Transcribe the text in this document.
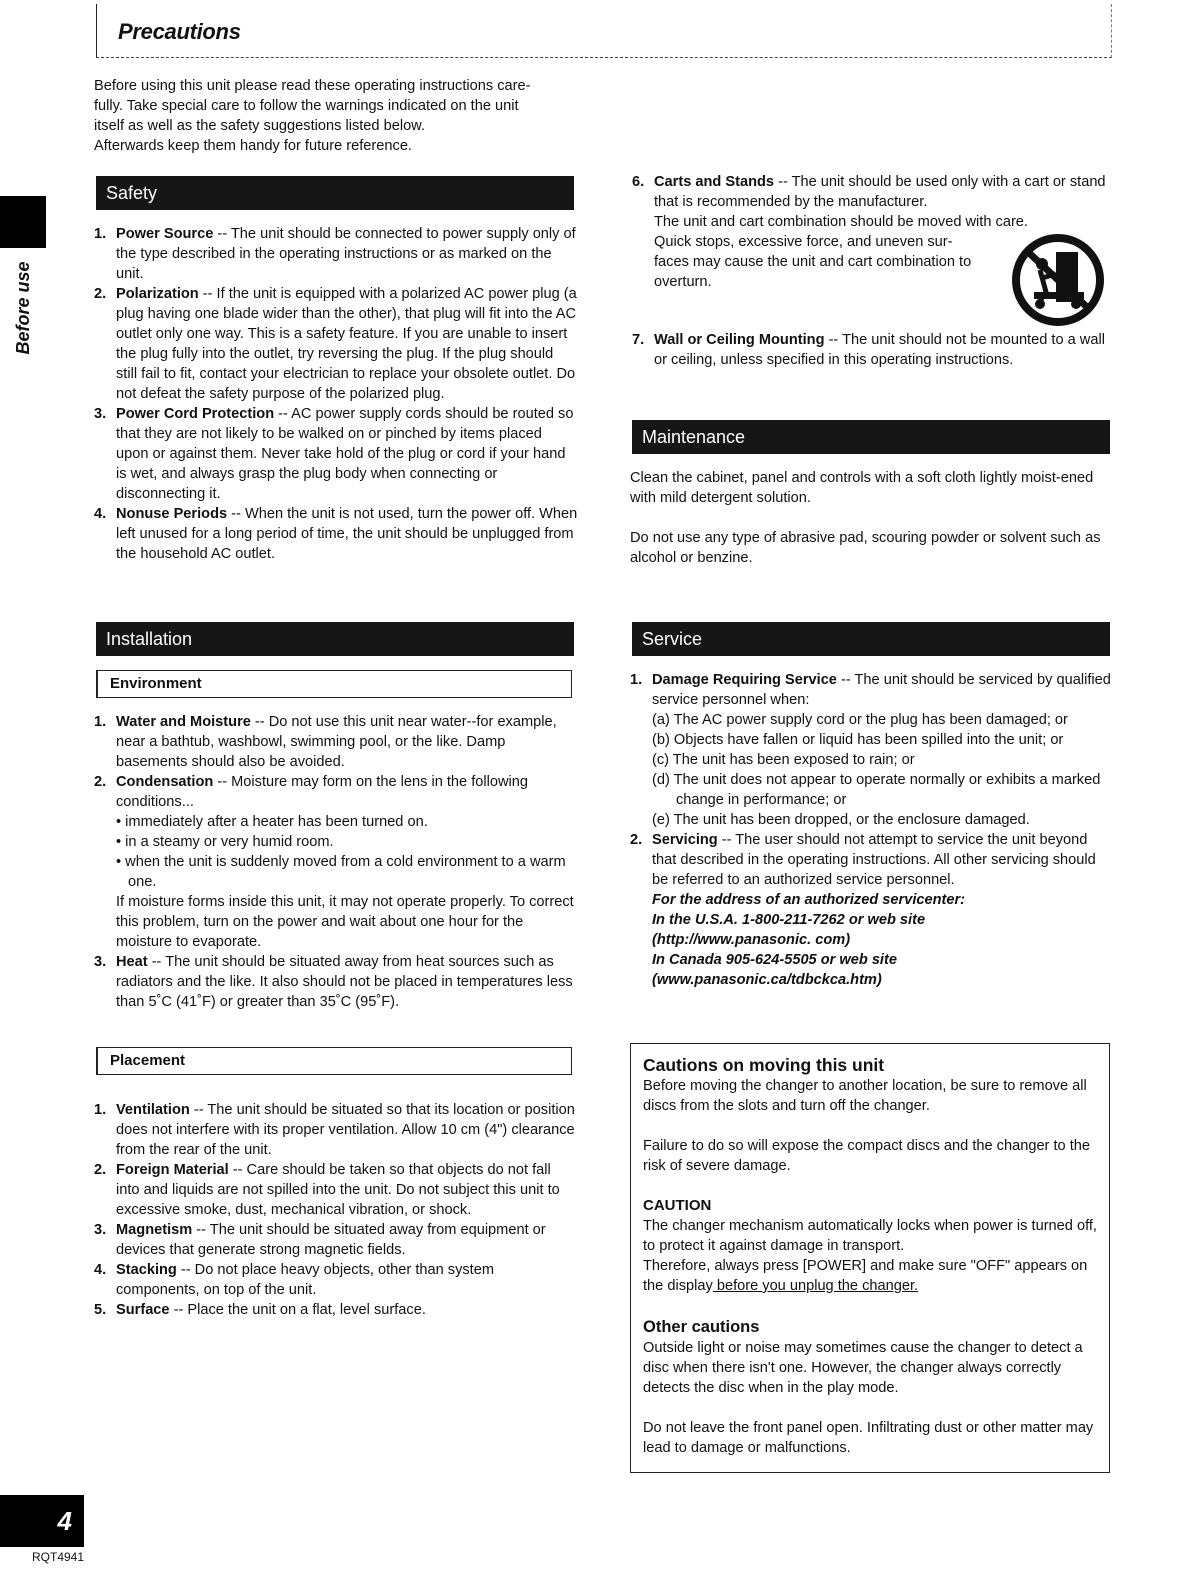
Precautions
Before use
Before using this unit please read these operating instructions care-
fully. Take special care to follow the warnings indicated on the unit
itself as well as the safety suggestions listed below.
Afterwards keep them handy for future reference.
Safety
1. Power Source -- The unit should be connected to power supply only of the type described in the operating instructions or as marked on the unit.
2. Polarization -- If the unit is equipped with a polarized AC power plug (a plug having one blade wider than the other), that plug will fit into the AC outlet only one way. This is a safety feature. If you are unable to insert the plug fully into the outlet, try reversing the plug. If the plug should still fail to fit, contact your electrician to replace your obsolete outlet. Do not defeat the safety purpose of the polarized plug.
3. Power Cord Protection -- AC power supply cords should be routed so that they are not likely to be walked on or pinched by items placed upon or against them. Never take hold of the plug or cord if your hand is wet, and always grasp the plug body when connecting or disconnecting it.
4. Nonuse Periods -- When the unit is not used, turn the power off. When left unused for a long period of time, the unit should be unplugged from the household AC outlet.
6. Carts and Stands -- The unit should be used only with a cart or stand that is recommended by the manufacturer.
The unit and cart combination should be moved with care.
Quick stops, excessive force, and uneven sur-
faces may cause the unit and cart combination to
overturn.
7. Wall or Ceiling Mounting -- The unit should not be mounted to a wall or ceiling, unless specified in this operating instructions.
Maintenance

Clean the cabinet, panel and controls with a soft cloth lightly moist-ened with mild detergent solution.

Do not use any type of abrasive pad, scouring powder or solvent such as alcohol or benzine.

Installation
Environment
1. Water and Moisture -- Do not use this unit near water--for example, near a bathtub, washbowl, swimming pool, or the like. Damp basements should also be avoided.
2. Condensation -- Moisture may form on the lens in the following conditions...
• immediately after a heater has been turned on.
• in a steamy or very humid room.
• when the unit is suddenly moved from a cold environment to a warm one.
If moisture forms inside this unit, it may not operate properly. To correct this problem, turn on the power and wait about one hour for the moisture to evaporate.
3. Heat -- The unit should be situated away from heat sources such as radiators and the like. It also should not be placed in temperatures less than 5˚C (41˚F) or greater than 35˚C (95˚F).
Placement
1. Ventilation -- The unit should be situated so that its location or position does not interfere with its proper ventilation. Allow 10 cm (4") clearance from the rear of the unit.
2. Foreign Material -- Care should be taken so that objects do not fall into and liquids are not spilled into the unit. Do not subject this unit to excessive smoke, dust, mechanical vibration, or shock.
3. Magnetism -- The unit should be situated away from equipment or devices that generate strong magnetic fields.
4. Stacking -- Do not place heavy objects, other than system components, on top of the unit.
5. Surface -- Place the unit on a flat, level surface.
Service
1. Damage Requiring Service -- The unit should be serviced by qualified service personnel when:
(a) The AC power supply cord or the plug has been damaged; or
(b) Objects have fallen or liquid has been spilled into the unit; or
(c) The unit has been exposed to rain; or
(d) The unit does not appear to operate normally or exhibits a marked change in performance; or
(e) The unit has been dropped, or the enclosure damaged.
2. Servicing -- The user should not attempt to service the unit beyond that described in the operating instructions. All other servicing should be referred to an authorized service personnel.
For the address of an authorized servicenter:
In the U.S.A. 1-800-211-7262 or web site
(http://www.panasonic. com)
In Canada 905-624-5505 or web site
(www.panasonic.ca/tdbckca.htm)
Cautions on moving this unit

Before moving the changer to another location, be sure to remove all discs from the slots and turn off the changer.

Failure to do so will expose the compact discs and the changer to the risk of severe damage.

CAUTION
The changer mechanism automatically locks when power is turned off, to protect it against damage in transport.

Therefore, always press [POWER] and make sure "OFF" appears on the display before you unplug the changer.

Other cautions

Outside light or noise may sometimes cause the changer to detect a disc when there isn't one. However, the changer always correctly detects the disc when in the play mode.

Do not leave the front panel open. Infiltrating dust or other matter may lead to damage or malfunctions.

4
RQT4941
